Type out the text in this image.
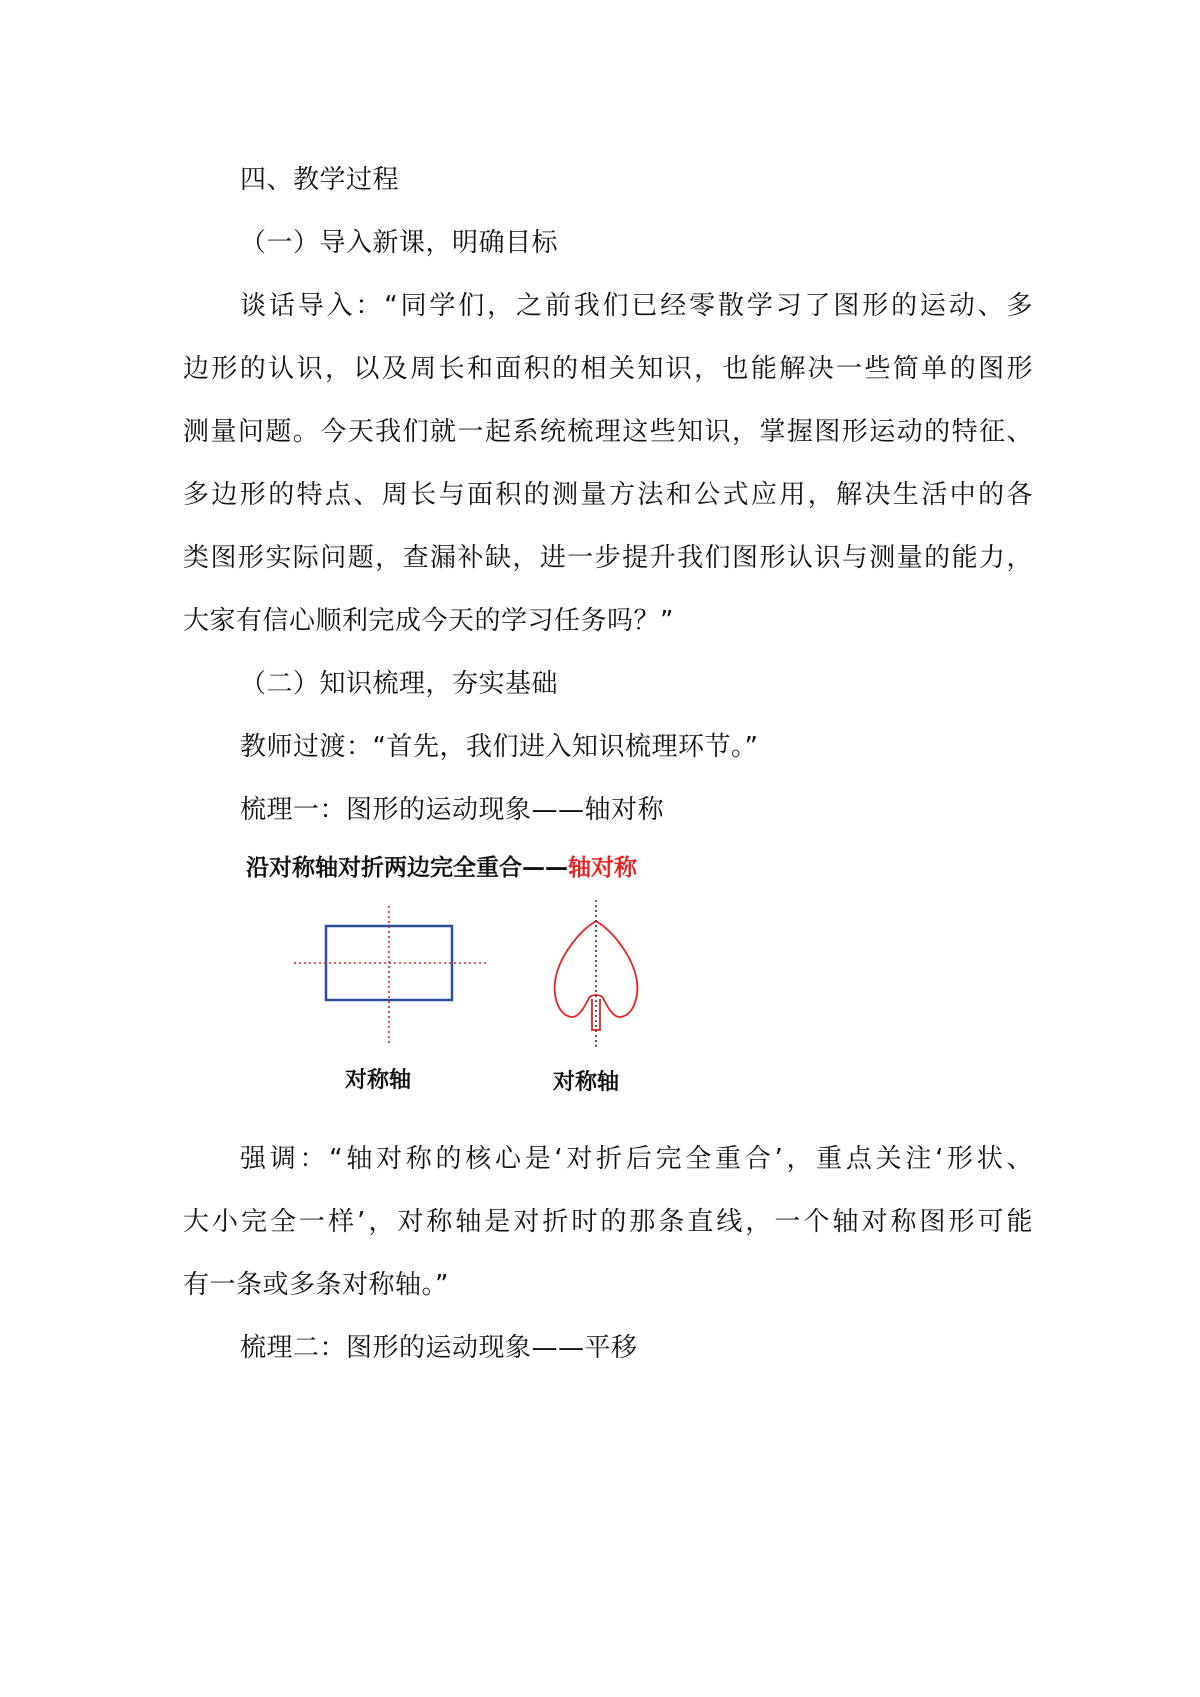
四、教学过程
（一）导入新课，明确目标
谈话导入：“同学们，之前我们已经零散学习了图形的运动、多
边形的认识，以及周长和面积的相关知识，也能解决一些简单的图形
测量问题。今天我们就一起系统梳理这些知识，掌握图形运动的特征、
多边形的特点、周长与面积的测量方法和公式应用，解决生活中的各
类图形实际问题，查漏补缺，进一步提升我们图形认识与测量的能力，
大家有信心顺利完成今天的学习任务吗？”
（二）知识梳理，夯实基础
教师过渡：“首先，我们进入知识梳理环节。”
梳理一：图形的运动现象——轴对称
沿对称轴对折两边完全重合——轴对称
对称轴	对称轴
强调：“轴对称的核心是‘对折后完全重合’，重点关注‘形状、
大小完全一样’，对称轴是对折时的那条直线，一个轴对称图形可能
有一条或多条对称轴。”
梳理二：图形的运动现象——平移
